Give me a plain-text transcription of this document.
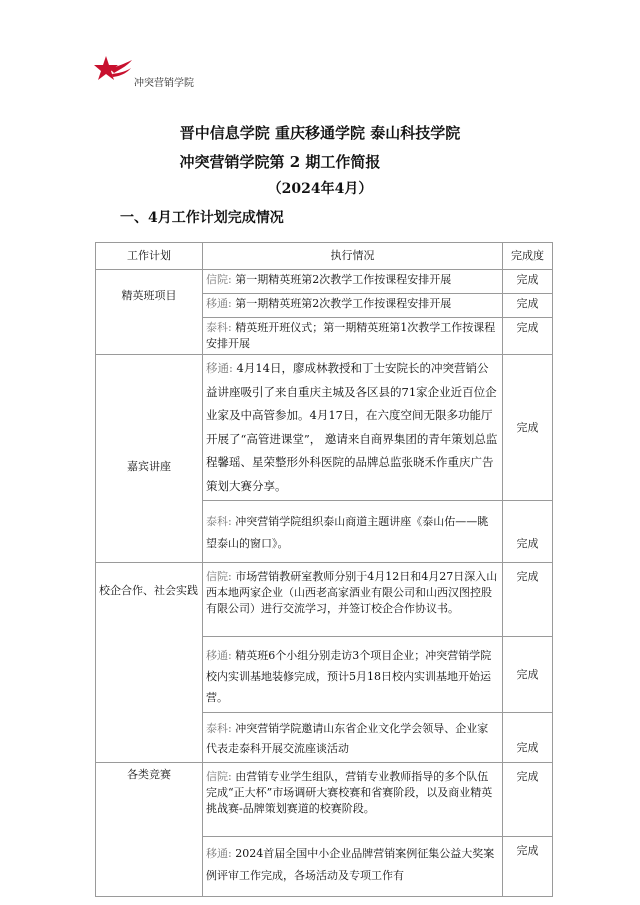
冲突营销学院
晋中信息学院 重庆移通学院 泰山科技学院
冲突营销学院第 2 期工作简报
（2024年4月）
一、4月工作计划完成情况
工作计划	执行情况	完成度
精英班项目	信院: 第一期精英班第2次教学工作按课程安排开展	完成
	移通: 第一期精英班第2次教学工作按课程安排开展	完成
	泰科: 精英班开班仪式；第一期精英班第1次教学工作按课程安排开展	完成
嘉宾讲座	移通: 4月14日，廖成林教授和丁士安院长的冲突营销公益讲座吸引了来自重庆主城及各区县的71家企业近百位企业家及中高管参加。4月17日，在六度空间无限多功能厅开展了“高管进课堂”， 邀请来自商界集团的青年策划总监程馨瑶、星荣整形外科医院的品牌总监张晓禾作重庆广告策划大赛分享。	完成
	泰科: 冲突营销学院组织泰山商道主题讲座《泰山佑——眺望泰山的窗口》。	完成
校企合作、社会实践	信院: 市场营销教研室教师分别于4月12日和4月27日深入山西本地两家企业（山西老高家酒业有限公司和山西汉图控股有限公司）进行交流学习，并签订校企合作协议书。	完成
	移通: 精英班6个小组分别走访3个项目企业；冲突营销学院校内实训基地装修完成，预计5月18日校内实训基地开始运营。	完成
	泰科: 冲突营销学院邀请山东省企业文化学会领导、企业家代表走泰科开展交流座谈活动	完成
各类竞赛	信院: 由营销专业学生组队，营销专业教师指导的多个队伍完成“正大杯”市场调研大赛校赛和省赛阶段，以及商业精英挑战赛-品牌策划赛道的校赛阶段。	完成
	移通: 2024首届全国中小企业品牌营销案例征集公益大奖案例评审工作完成，各场活动及专项工作有	完成
